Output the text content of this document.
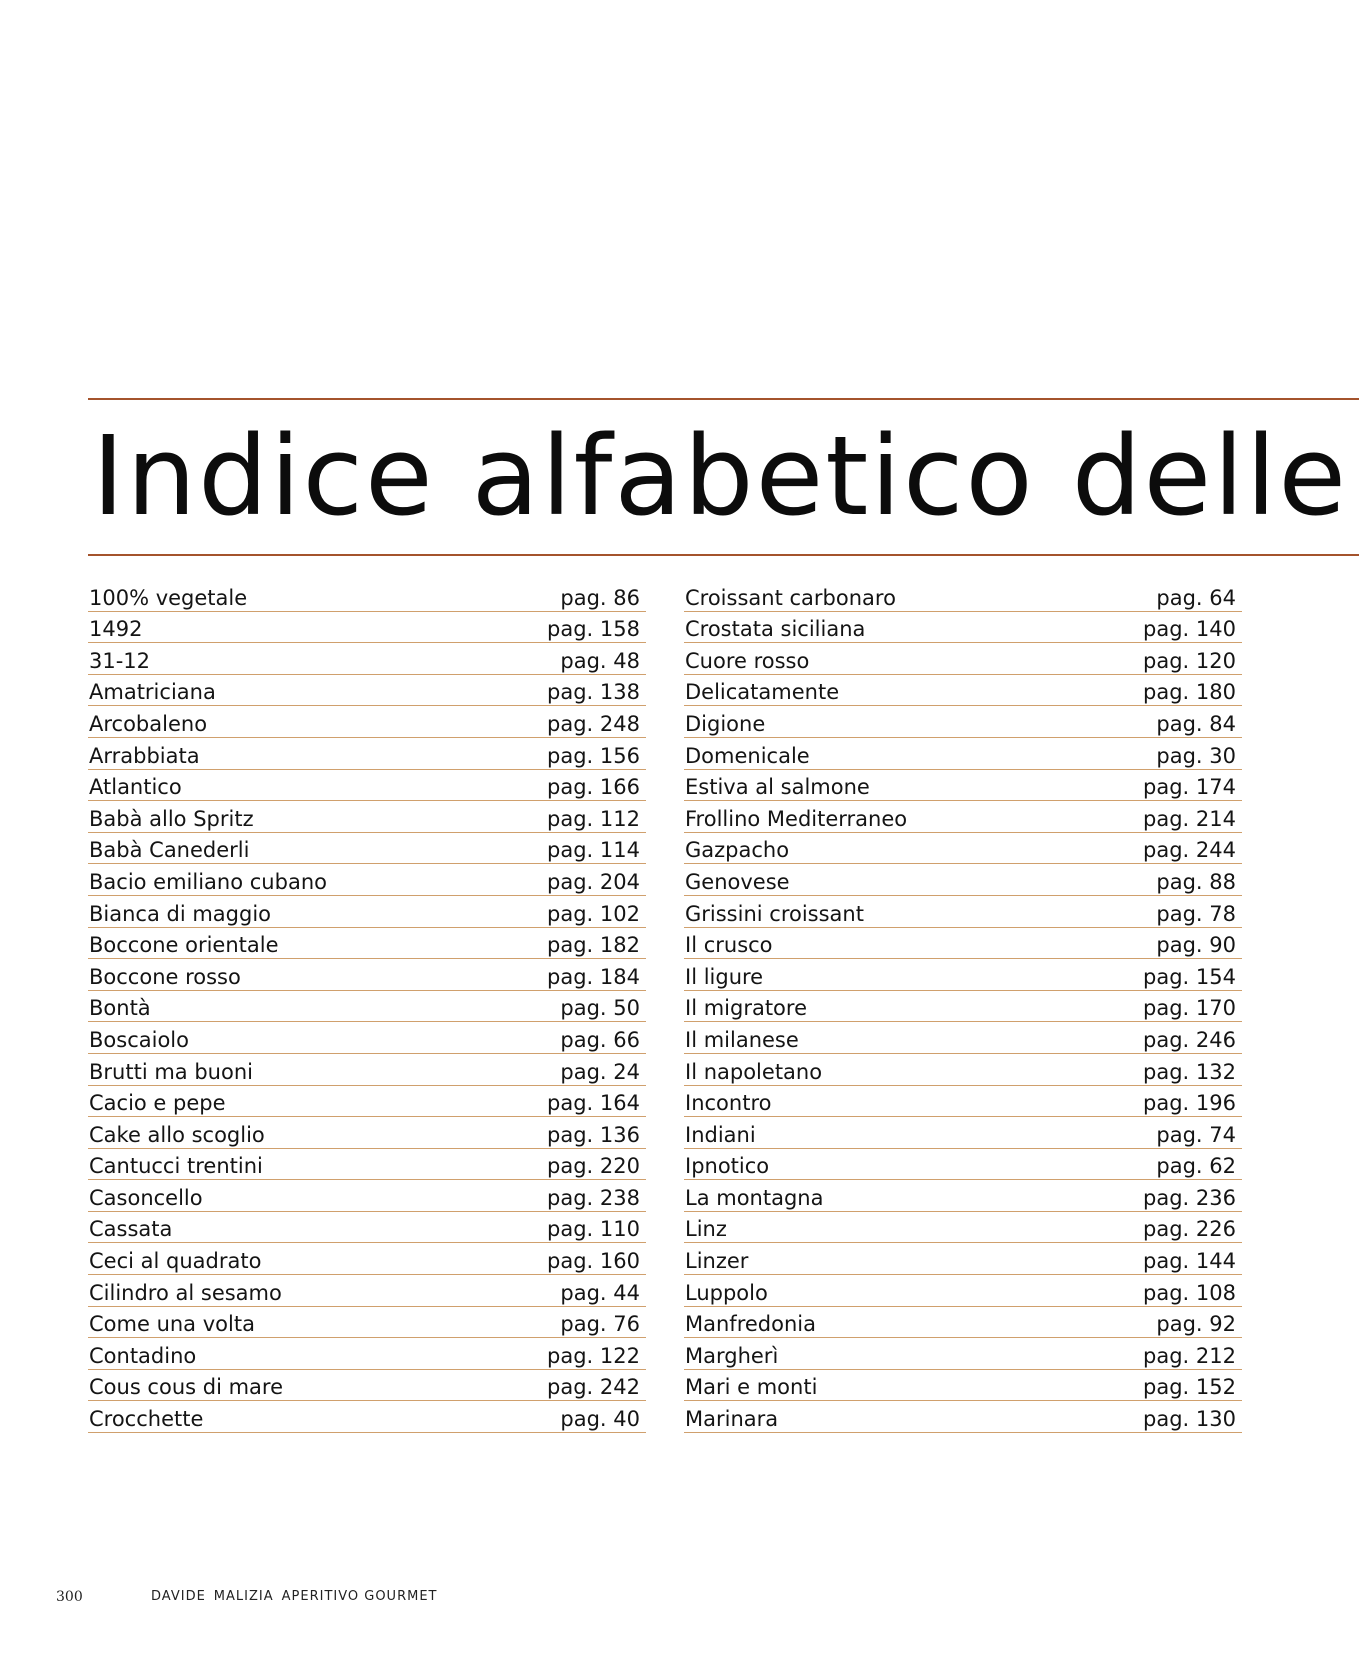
Indice alfabetico delle
100% vegetale	pag. 86
1492	pag. 158
31-12	pag. 48
Amatriciana	pag. 138
Arcobaleno	pag. 248
Arrabbiata	pag. 156
Atlantico	pag. 166
Babà allo Spritz	pag. 112
Babà Canederli	pag. 114
Bacio emiliano cubano	pag. 204
Bianca di maggio	pag. 102
Boccone orientale	pag. 182
Boccone rosso	pag. 184
Bontà	pag. 50
Boscaiolo	pag. 66
Brutti ma buoni	pag. 24
Cacio e pepe	pag. 164
Cake allo scoglio	pag. 136
Cantucci trentini	pag. 220
Casoncello	pag. 238
Cassata	pag. 110
Ceci al quadrato	pag. 160
Cilindro al sesamo	pag. 44
Come una volta	pag. 76
Contadino	pag. 122
Cous cous di mare	pag. 242
Crocchette	pag. 40
Croissant carbonaro	pag. 64
Crostata siciliana	pag. 140
Cuore rosso	pag. 120
Delicatamente	pag. 180
Digione	pag. 84
Domenicale	pag. 30
Estiva al salmone	pag. 174
Frollino Mediterraneo	pag. 214
Gazpacho	pag. 244
Genovese	pag. 88
Grissini croissant	pag. 78
Il crusco	pag. 90
Il ligure	pag. 154
Il migratore	pag. 170
Il milanese	pag. 246
Il napoletano	pag. 132
Incontro	pag. 196
Indiani	pag. 74
Ipnotico	pag. 62
La montagna	pag. 236
Linz	pag. 226
Linzer	pag. 144
Luppolo	pag. 108
Manfredonia	pag. 92
Margherì	pag. 212
Mari e monti	pag. 152
Marinara	pag. 130
300	DAVIDE MALIZIA APERITIVO GOURMET
